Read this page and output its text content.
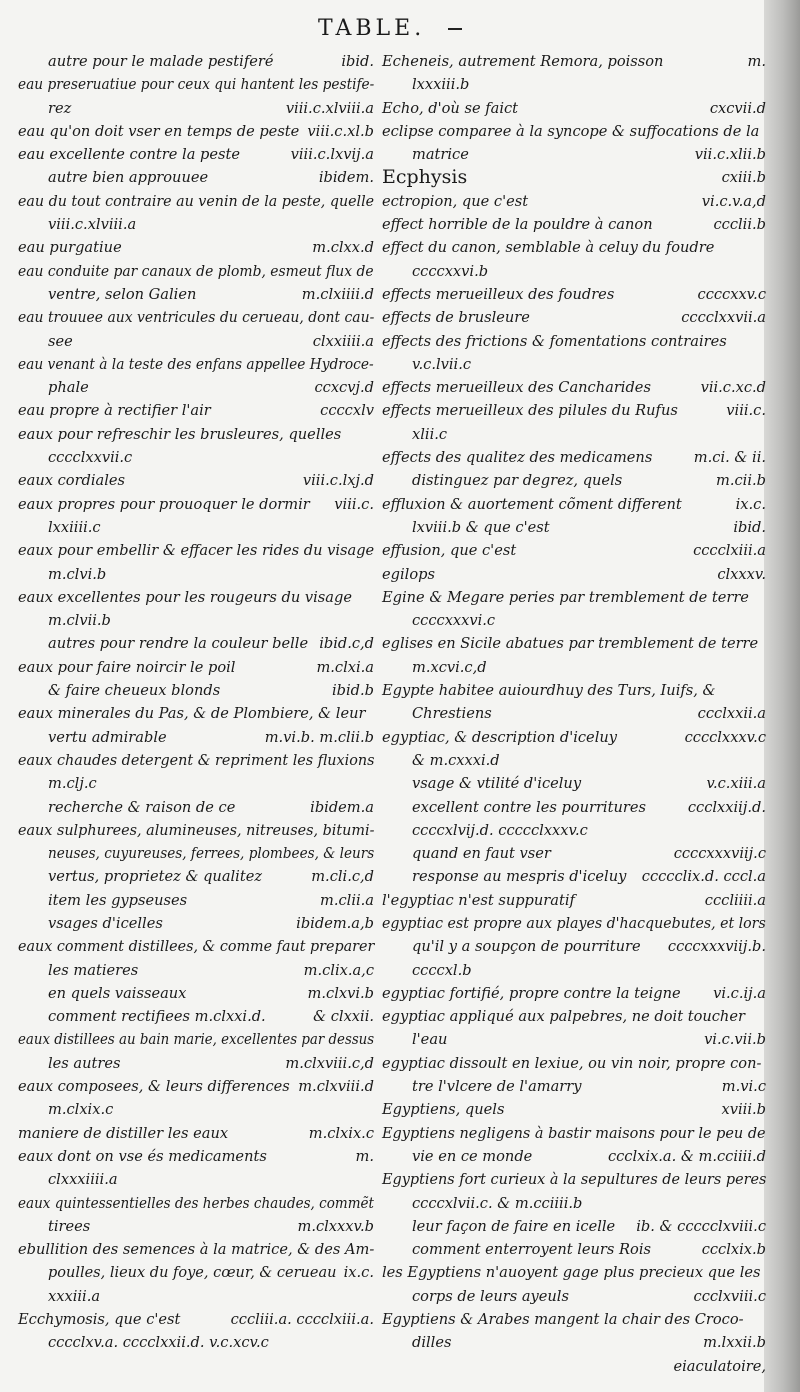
TABLE.
autre pour le malade pestiferé	ibid.
eau preseruatiue pour ceux qui hantent les pestife-
rez	viii.c.xlviii.a
eau qu'on doit vser en temps de peste viii.c.xl.b
eau excellente contre la peste	viii.c.lxvij.a
autre bien approuuee	ibidem.
eau du tout contraire au venin de la peste, quelle
viii.c.xlviii.a
eau purgatiue	m.clxx.d
eau conduite par canaux de plomb, esmeut flux de
ventre, selon Galien	m.clxiiii.d
eau trouuee aux ventricules du cerueau, dont cau-
see	clxxiiii.a
eau venant à la teste des enfans appellee Hydroce-
phale	ccxcvj.d
eau propre à rectifier l'air	ccccxlv
eaux pour refreschir les brusleures, quelles
cccclxxvii.c
eaux cordiales	viii.c.lxj.d
eaux propres pour prouoquer le dormir viii.c.
lxxiiii.c
eaux pour embellir & effacer les rides du visage
m.clvi.b
eaux excellentes pour les rougeurs du visage
m.clvii.b
autres pour rendre la couleur belle ibid.c,d
eaux pour faire noircir le poil	m.clxi.a
& faire cheueux blonds	ibid.b
eaux minerales du Pas, & de Plombiere, & leur
vertu admirable	m.vi.b. m.clii.b
eaux chaudes detergent & repriment les fluxions
m.clj.c
recherche & raison de ce	ibidem.a
eaux sulphurees, alumineuses, nitreuses, bitumi-
neuses, cuyureuses, ferrees, plombees, & leurs
vertus, proprietez & qualitez	m.cli.c,d
item les gypseuses	m.clii.a
vsages d'icelles	ibidem.a,b
eaux comment distillees, & comme faut preparer
les matieres	m.clix.a,c
en quels vaisseaux	m.clxvi.b
comment rectifiees m.clxxi.d.	& clxxii.
eaux distillees au bain marie, excellentes par dessus
les autres	m.clxviii.c,d
eaux composees, & leurs differences m.clxviii.d
m.clxix.c
maniere de distiller les eaux	m.clxix.c
eaux dont on vse és medicaments	m.
clxxxiiii.a
eaux quintessentielles des herbes chaudes, commẽt
tirees	m.clxxxv.b
ebullition des semences à la matrice, & des Am-
poulles, lieux du foye, cœur, & cerueau ix.c.
xxxiii.a
Ecchymosis, que c'est	cccliii.a. cccclxiii.a.
cccclxv.a. cccclxxii.d. v.c.xcv.c
Echeneis, autrement Remora, poisson	m.
lxxxiii.b
Echo, d'où se faict	cxcvii.d
eclipse comparee à la syncope & suffocations de la
matrice	vii.c.xlii.b
Ecphysis	cxiii.b
ectropion, que c'est	vi.c.v.a,d
effect horrible de la pouldre à canon	ccclii.b
effect du canon, semblable à celuy du foudre
ccccxxvi.b
effects merueilleux des foudres	ccccxxv.c
effects de brusleure	cccclxxvii.a
effects des frictions & fomentations contraires
v.c.lvii.c
effects merueilleux des Cancharides	vii.c.xc.d
effects merueilleux des pilules du Rufus	viii.c.
xlii.c
effects des qualitez des medicamens	m.ci. & ii.
distinguez par degrez, quels	m.cii.b
effluxion & auortement cõment different	ix.c.
lxviii.b & que c'est	ibid.
effusion, que c'est	cccclxiii.a
egilops	clxxxv.
Egine & Megare peries par tremblement de terre
ccccxxxvi.c
eglises en Sicile abatues par tremblement de terre
m.xcvi.c,d
Egypte habitee auiourdhuy des Turs, Iuifs, &
Chrestiens	ccclxxii.a
egyptiac, & description d'iceluy	cccclxxxv.c
& m.cxxxi.d
vsage & vtilité d'iceluy	v.c.xiii.a
excellent contre les pourritures	ccclxxiij.d.
ccccxlvij.d. ccccclxxxv.c
quand en faut vser	ccccxxxviij.c
response au mespris d'iceluy ccccclix.d. cccl.a
l'egyptiac n'est suppuratif	cccliiii.a
egyptiac est propre aux playes d'hacquebutes, et lors
qu'il y a soupçon de pourriture ccccxxxviij.b.
ccccxl.b
egyptiac fortifié, propre contre la teigne vi.c.ij.a
egyptiac appliqué aux palpebres, ne doit toucher
l'eau	vi.c.vii.b
egyptiac dissoult en lexiue, ou vin noir, propre con-
tre l'vlcere de l'amarry	m.vi.c
Egyptiens, quels	xviii.b
Egyptiens negligens à bastir maisons pour le peu de
vie en ce monde	ccclxix.a. & m.cciiii.d
Egyptiens fort curieux à la sepultures de leurs peres
ccccxlvii.c. & m.cciiii.b
leur façon de faire en icelle ib. & ccccclxviii.c
comment enterroyent leurs Rois	ccclxix.b
les Egyptiens n'auoyent gage plus precieux que les
corps de leurs ayeuls	ccclxviii.c
Egyptiens & Arabes mangent la chair des Croco-
dilles	m.lxxii.b
eiaculatoire,
